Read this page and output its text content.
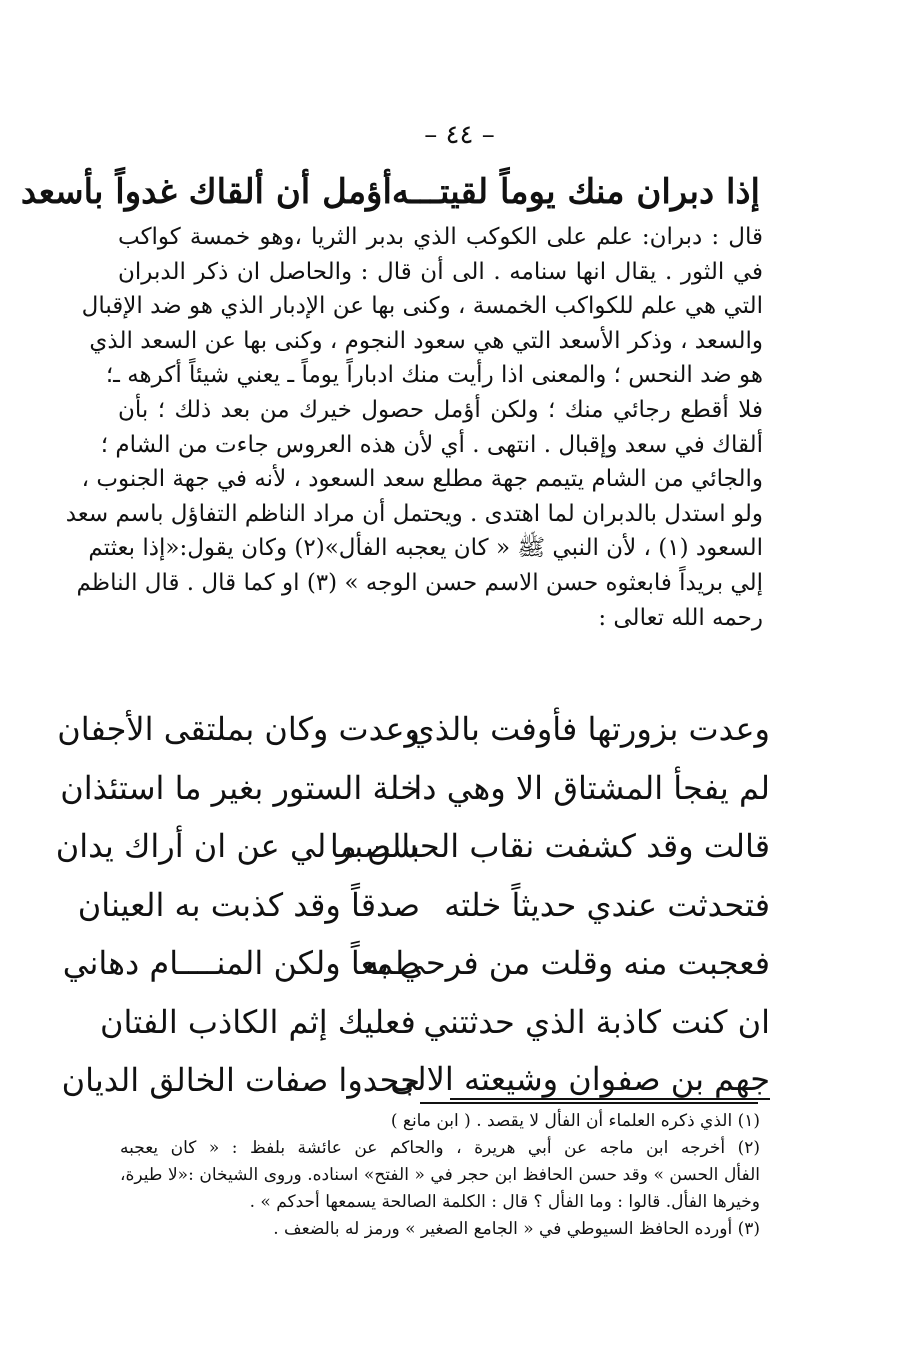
– ٤٤ –
إذا دبران منك يوماً لقيتـــه
أؤمل أن ألقاك غدواً بأسعد
قال : دبران: علم على الكوكب الذي بدبر الثريا ،وهو خمسة كواكب
في الثور . يقال انها سنامه . الى أن قال : والحاصل ان ذكر الدبران
التي هي علم للكواكب الخمسة ، وكنى بها عن الإدبار الذي هو ضد الإقبال
والسعد ، وذكر الأسعد التي هي سعود النجوم ، وكنى بها عن السعد الذي
هو ضد النحس ؛ والمعنى اذا رأيت منك ادباراً يوماً ـ يعني شيئاً أكرهه ـ؛
فلا أقطع رجائي منك ؛ ولكن أؤمل حصول خيرك من بعد ذلك ؛ بأن
ألقاك في سعد وإقبال . انتهى . أي لأن هذه العروس جاءت من الشام ؛
والجائي من الشام يتيمم جهة مطلع سعد السعود ، لأنه في جهة الجنوب ،
ولو استدل بالدبران لما اهتدى . ويحتمل أن مراد الناظم التفاؤل باسم سعد
السعود (١) ، لأن النبي ﷺ « كان يعجبه الفأل»(٢) وكان يقول:«إذا بعثتم
إلي بريداً فابعثوه حسن الاسم حسن الوجه » (٣) او كما قال . قال الناظم
رحمه الله تعالى :
وعدت بزورتها فأوفت بالذي
وعدت وكان بملتقى الأجفان
لم يفجأ المشتاق الا وهي دا
خلة الستور بغير ما استئذان
قالت وقد كشفت نقاب الحسن ما
بالصبر لي عن ان أراك يدان
فتحدثت عندي حديثاً خلته
صدقاً وقد كذبت به العينان
فعجبت منه وقلت من فرحي به
طمعاً ولكن المنــــام دهاني
ان كنت كاذبة الذي حدثتني
فعليك إثم الكاذب الفتان
جهم بن صفوان وشيعته الالى
جحدوا صفات الخالق الديان
(١) الذي ذكره العلماء أن الفأل لا يقصد . ( ابن مانع )
(٢) أخرجه ابن ماجه عن أبي هريرة ، والحاكم عن عائشة بلفظ : « كان يعجبه
الفأل الحسن » وقد حسن الحافظ ابن حجر في « الفتح» اسناده. وروى الشيخان :«لا طيرة،
وخيرها الفأل. قالوا : وما الفأل ؟ قال : الكلمة الصالحة يسمعها أحدكم » .
(٣) أورده الحافظ السيوطي في « الجامع الصغير » ورمز له بالضعف .
